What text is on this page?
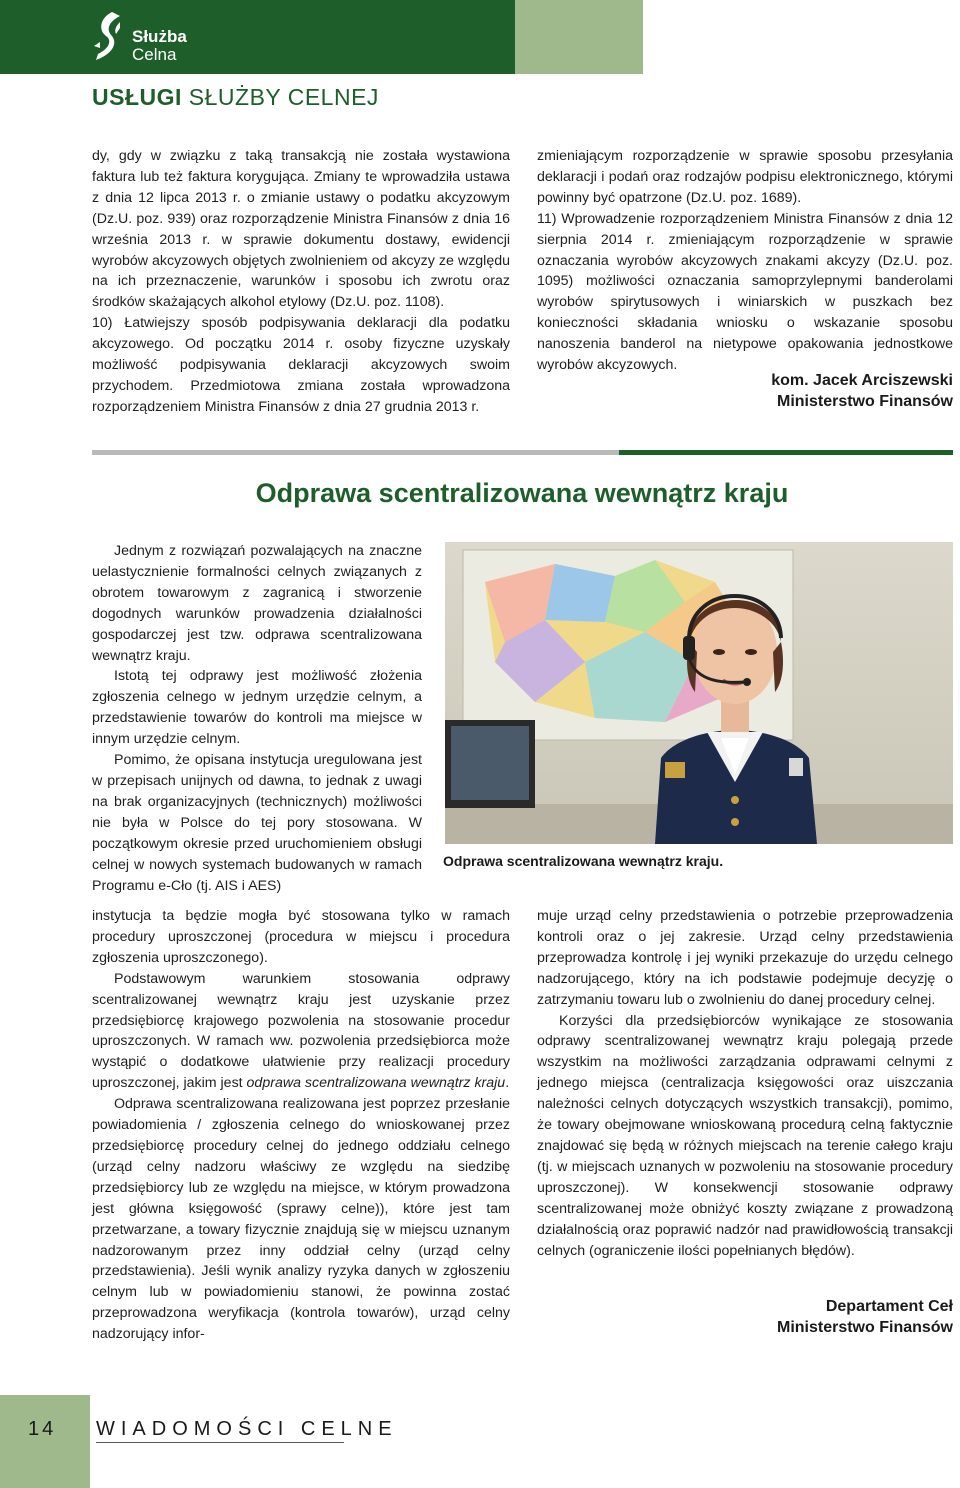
Służba
Celna
USŁUGI SŁUŻBY CELNEJ

dy, gdy w związku z taką transakcją nie została wystawiona faktura lub też faktura korygująca. Zmiany te wprowadziła ustawa z dnia 12 lipca 2013 r. o zmianie ustawy o podatku akcyzowym (Dz.U. poz. 939) oraz rozporządzenie Ministra Finansów z dnia 16 września 2013 r. w sprawie dokumentu dostawy, ewidencji wyrobów akcyzowych objętych zwolnieniem od akcyzy ze względu na ich przeznaczenie, warunków i sposobu ich zwrotu oraz środków skażających alkohol etylowy (Dz.U. poz. 1108).

10) Łatwiejszy sposób podpisywania deklaracji dla podatku akcyzowego. Od początku 2014 r. osoby fizyczne uzyskały możliwość podpisywania deklaracji akcyzowych swoim przychodem. Przedmiotowa zmiana została wprowadzona rozporządzeniem Ministra Finansów z dnia 27 grudnia 2013 r.

zmieniającym rozporządzenie w sprawie sposobu przesyłania deklaracji i podań oraz rodzajów podpisu elektronicznego, którymi powinny być opatrzone (Dz.U. poz. 1689).

11) Wprowadzenie rozporządzeniem Ministra Finansów z dnia 12 sierpnia 2014 r. zmieniającym rozporządzenie w sprawie oznaczania wyrobów akcyzowych znakami akcyzy (Dz.U. poz. 1095) możliwości oznaczania samoprzylepnymi banderolami wyrobów spirytusowych i winiarskich w puszkach bez konieczności składania wniosku o wskazanie sposobu nanoszenia banderol na nietypowe opakowania jednostkowe wyrobów akcyzowych.

kom. Jacek Arciszewski
Ministerstwo Finansów
Odprawa scentralizowana wewnątrz kraju
Odprawa scentralizowana wewnątrz kraju.

Jednym z rozwiązań pozwalających na znaczne uelastycznienie formalności celnych związanych z obrotem towarowym z zagranicą i stworzenie dogodnych warunków prowadzenia działalności gospodarczej jest tzw. odprawa scentralizowana wewnątrz kraju.

Istotą tej odprawy jest możliwość złożenia zgłoszenia celnego w jednym urzędzie celnym, a przedstawienie towarów do kontroli ma miejsce w innym urzędzie celnym.

Pomimo, że opisana instytucja uregulowana jest w przepisach unijnych od dawna, to jednak z uwagi na brak organizacyjnych (technicznych) możliwości nie była w Polsce do tej pory stosowana. W początkowym okresie przed uruchomieniem obsługi celnej w nowych systemach budowanych w ramach Programu e-Cło (tj. AIS i AES)

instytucja ta będzie mogła być stosowana tylko w ramach procedury uproszczonej (procedura w miejscu i procedura zgłoszenia uproszczonego).

Podstawowym warunkiem stosowania odprawy scentralizowanej wewnątrz kraju jest uzyskanie przez przedsiębiorcę krajowego pozwolenia na stosowanie procedur uproszczonych. W ramach ww. pozwolenia przedsiębiorca może wystąpić o dodatkowe ułatwienie przy realizacji procedury uproszczonej, jakim jest odprawa scentralizowana wewnątrz kraju.

Odprawa scentralizowana realizowana jest poprzez przesłanie powiadomienia / zgłoszenia celnego do wnioskowanej przez przedsiębiorcę procedury celnej do jednego oddziału celnego (urząd celny nadzoru właściwy ze względu na siedzibę przedsiębiorcy lub ze względu na miejsce, w którym prowadzona jest główna księgowość (sprawy celne)), które jest tam przetwarzane, a towary fizycznie znajdują się w miejscu uznanym nadzorowanym przez inny oddział celny (urząd celny przedstawienia). Jeśli wynik analizy ryzyka danych w zgłoszeniu celnym lub w powiadomieniu stanowi, że powinna zostać przeprowadzona weryfikacja (kontrola towarów), urząd celny nadzorujący infor-

muje urząd celny przedstawienia o potrzebie przeprowadzenia kontroli oraz o jej zakresie. Urząd celny przedstawienia przeprowadza kontrolę i jej wyniki przekazuje do urzędu celnego nadzorującego, który na ich podstawie podejmuje decyzję o zatrzymaniu towaru lub o zwolnieniu do danej procedury celnej.

Korzyści dla przedsiębiorców wynikające ze stosowania odprawy scentralizowanej wewnątrz kraju polegają przede wszystkim na możliwości zarządzania odprawami celnymi z jednego miejsca (centralizacja księgowości oraz uiszczania należności celnych dotyczących wszystkich transakcji), pomimo, że towary obejmowane wnioskowaną procedurą celną faktycznie znajdować się będą w różnych miejscach na terenie całego kraju (tj. w miejscach uznanych w pozwoleniu na stosowanie procedury uproszczonej). W konsekwencji stosowanie odprawy scentralizowanej może obniżyć koszty związane z prowadzoną działalnością oraz poprawić nadzór nad prawidłowością transakcji celnych (ograniczenie ilości popełnianych błędów).

Departament Ceł
Ministerstwo Finansów
14 WIADOMOŚCI CELNE
